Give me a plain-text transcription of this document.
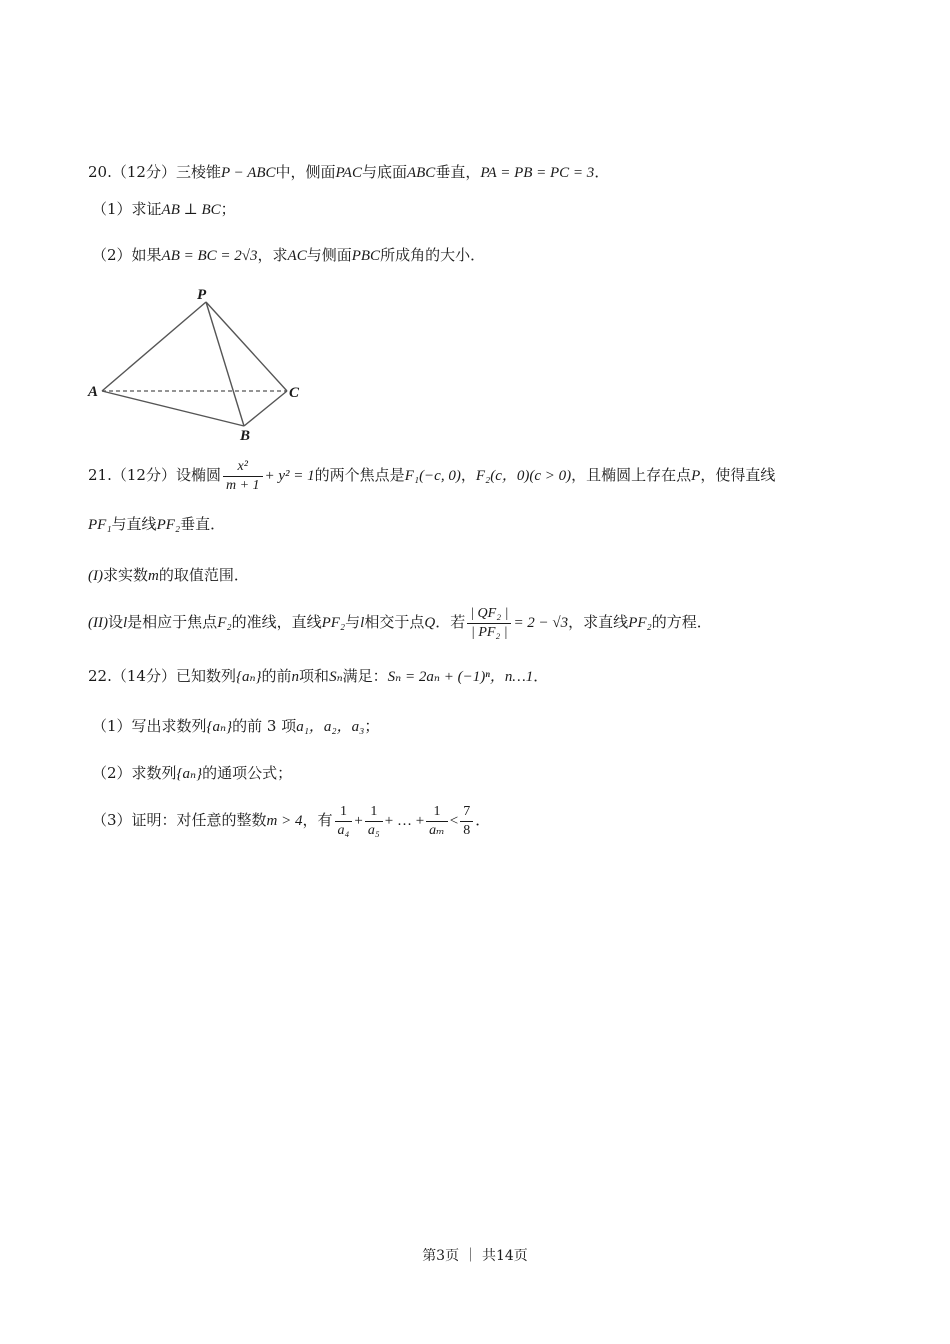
20.（12分）三棱锥P − ABC中，侧面PAC与底面ABC垂直，PA = PB = PC = 3．
（1）求证AB ⊥ BC；
（2）如果AB = BC = 2√3，求AC与侧面PBC所成角的大小．
P
A	C
B
21.（12分）设椭圆 $\frac{\text{x²}}{m + 1} + y^2 = 1$的两个焦点是F₁(−c, 0)，F₂(c，0)(c > 0)，且椭圆上存在点P，使得直线
PF₁与直线PF₂垂直．
(I)求实数m的取值范围．
(II)设l是相应于焦点F₂的准线，直线PF₂与l相交于点Q．若 $\frac{\text{| QF₂ |}}{\text{| PF₂ |}} = 2 - √3$，求直线PF₂的方程．
22.（14分）已知数列{aₙ}的前n项和Sₙ满足：Sₙ = 2aₙ + (−1)ⁿ，n…1．
（1）写出求数列{aₙ}的前 3 项a₁，a₂，a₃；
（2）求数列{aₙ}的通项公式；
（3）证明：对任意的整数m > 4，有 $\frac{1}{\text{a₄}} + \frac{1}{\text{a₅}}$ + … + $\frac{1}{\text{aₘ}} < \frac{7}{8}$ ．
第3页 ｜ 共14页
